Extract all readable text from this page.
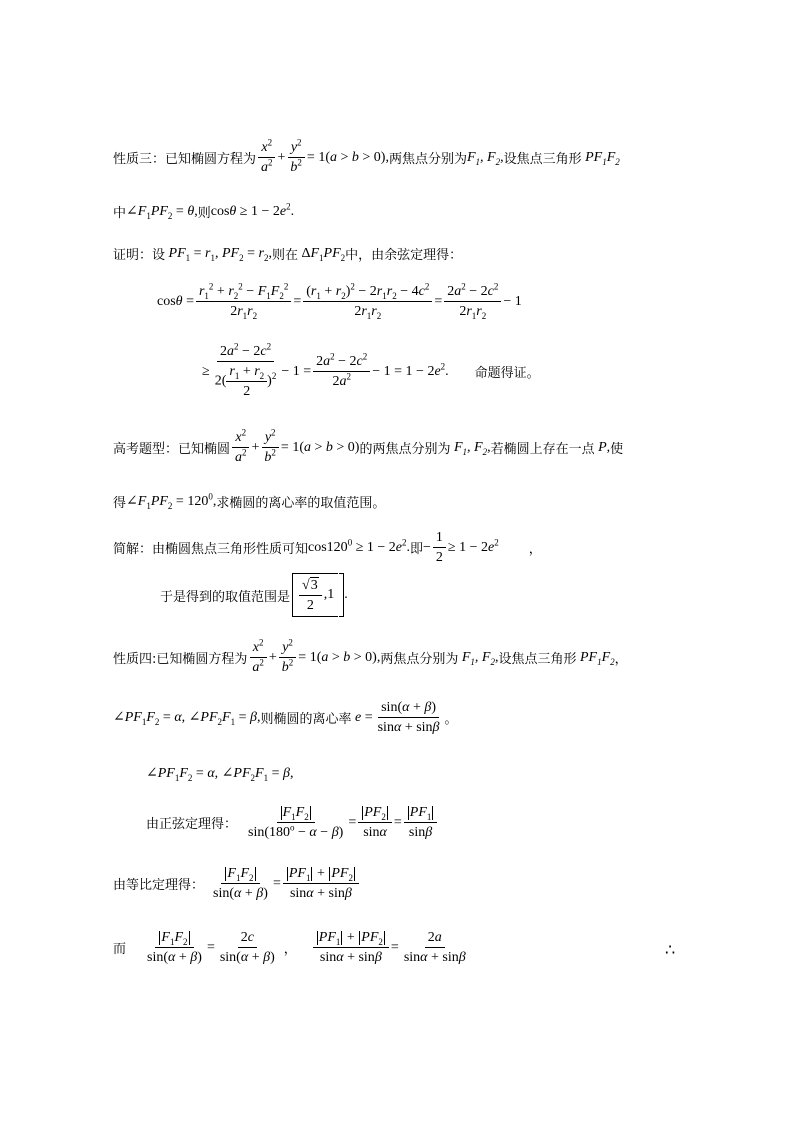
性质三：已知椭圆方程为 $\frac{x^2}{a^2} + \frac{y^2}{b^2} = 1(a > b > 0)$, 两焦点分别为 $F_1$, $F_2$ , 设焦点三角形 $PF_1F_2$
中 $\angle F_1PF_2 = \theta$, 则 $\cos\theta \ge 1 - 2e^2$.
证明：设 $PF_1 = r_1$, $PF_2 = r_2$, 则在 $\Delta F_1PF_2$ 中，由余弦定理得：
$\cos\theta = \frac{r_1^2 + r_2^2 - F_1F_2^2}{2r_1r_2} = \frac{(r_1 + r_2)^2 - 2r_1r_2 - 4c^2}{2r_1r_2} = \frac{2a^2 - 2c^2}{2r_1r_2} - 1$
≥ $\frac{2a^2 - 2c^2}{2( \frac{r_1 + r_2}{2} )^2} - 1 = \frac{2a^2 - 2c^2}{2a^2} - 1 = 1 - 2e^2$. 命题得证。
高考题型：已知椭圆 $\frac{x^2}{a^2} + \frac{y^2}{b^2} = 1(a > b > 0)$ 的两焦点分别为 $F_1$, $F_2$ , 若椭圆上存在一点 P , 使
得 $\angle F_1PF_2 = 120^0$, 求椭圆的离心率的取值范围。
简解：由椭圆焦点三角形性质可知 $\cos 120^0 \ge 1 - 2e^2$. 即 − $\frac{1}{2} \ge 1 - 2e^2$
，
于是得到的取值范围是 $\frac{√3}{2} ,1$ .
性质四:已知椭圆方程为 $\frac{x^2}{a^2} + \frac{y^2}{b^2} = 1(a > b > 0)$, 两焦点分别为 $F_1$, $F_2$ , 设焦点三角形 $PF_1F_2$ ，
$\angle PF_1F_2 = \alpha$, $\angle PF_2F_1 = \beta$, 则椭圆的离心率 $e = \frac{\sin(\alpha + \beta)}{\sin\alpha + \sin\beta}$ 。
$\angle PF_1F_2 = \alpha$, $\angle PF_2F_1 = \beta$,
由正弦定理得： $\frac{F_1F_2}{\sin(180^o - \alpha - \beta)} = \frac{PF_2}{\sin\alpha} = \frac{PF_1}{\sin\beta}$
由等比定理得： $\frac{F_1F_2}{\sin(\alpha + \beta)} = \frac{PF_1 + PF_2}{\sin\alpha + \sin\beta}$
而 $\frac{F_1F_2}{\sin(\alpha + \beta)} = \frac{2c}{\sin(\alpha + \beta)}$ ， $\frac{PF_1 + PF_2}{\sin\alpha + \sin\beta} = \frac{2a}{\sin\alpha + \sin\beta}$	∴
